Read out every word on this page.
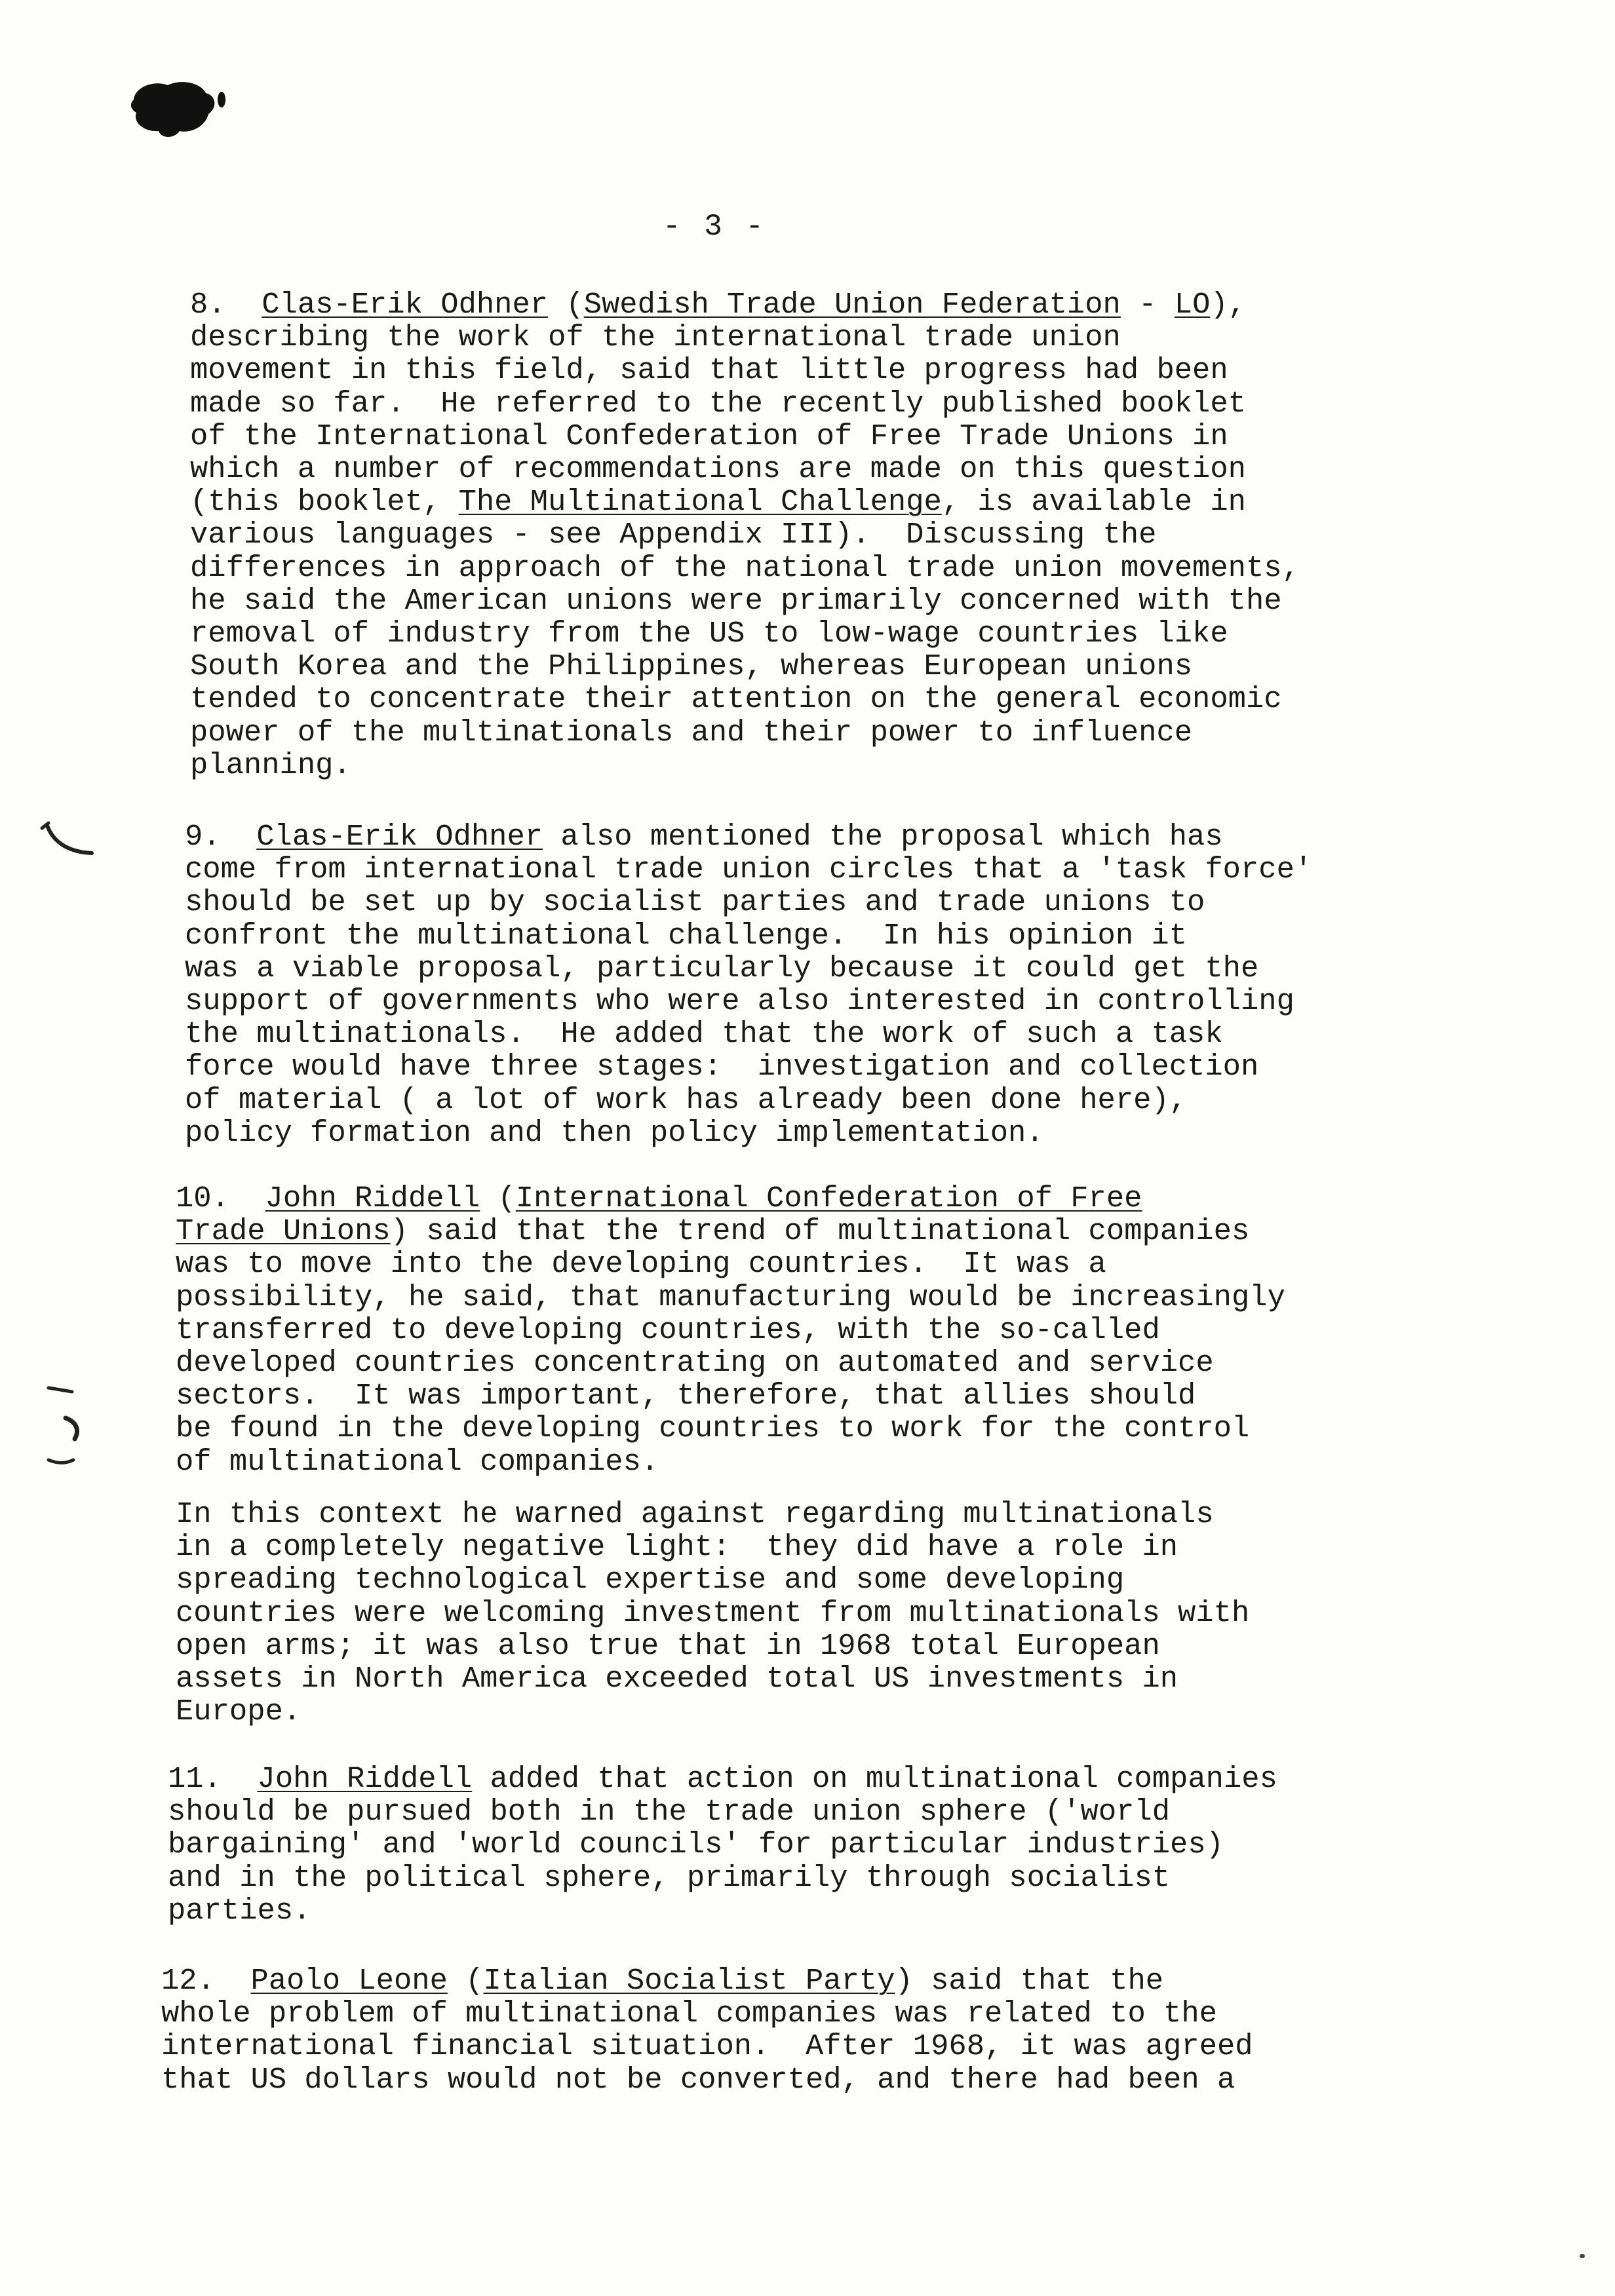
- 3 -
8.  Clas-Erik Odhner (Swedish Trade Union Federation - LO),
describing the work of the international trade union
movement in this field, said that little progress had been
made so far.  He referred to the recently published booklet
of the International Confederation of Free Trade Unions in
which a number of recommendations are made on this question
(this booklet, The Multinational Challenge, is available in
various languages - see Appendix III).  Discussing the
differences in approach of the national trade union movements,
he said the American unions were primarily concerned with the
removal of industry from the US to low-wage countries like
South Korea and the Philippines, whereas European unions
tended to concentrate their attention on the general economic
power of the multinationals and their power to influence
planning.
9.  Clas-Erik Odhner also mentioned the proposal which has
come from international trade union circles that a 'task force'
should be set up by socialist parties and trade unions to
confront the multinational challenge.  In his opinion it
was a viable proposal, particularly because it could get the
support of governments who were also interested in controlling
the multinationals.  He added that the work of such a task
force would have three stages:  investigation and collection
of material ( a lot of work has already been done here),
policy formation and then policy implementation.
10.  John Riddell (International Confederation of Free
Trade Unions) said that the trend of multinational companies
was to move into the developing countries.  It was a
possibility, he said, that manufacturing would be increasingly
transferred to developing countries, with the so-called
developed countries concentrating on automated and service
sectors.  It was important, therefore, that allies should
be found in the developing countries to work for the control
of multinational companies.
In this context he warned against regarding multinationals
in a completely negative light:  they did have a role in
spreading technological expertise and some developing
countries were welcoming investment from multinationals with
open arms; it was also true that in 1968 total European
assets in North America exceeded total US investments in
Europe.
11.  John Riddell added that action on multinational companies
should be pursued both in the trade union sphere ('world
bargaining' and 'world councils' for particular industries)
and in the political sphere, primarily through socialist
parties.
12.  Paolo Leone (Italian Socialist Party) said that the
whole problem of multinational companies was related to the
international financial situation.  After 1968, it was agreed
that US dollars would not be converted, and there had been a
